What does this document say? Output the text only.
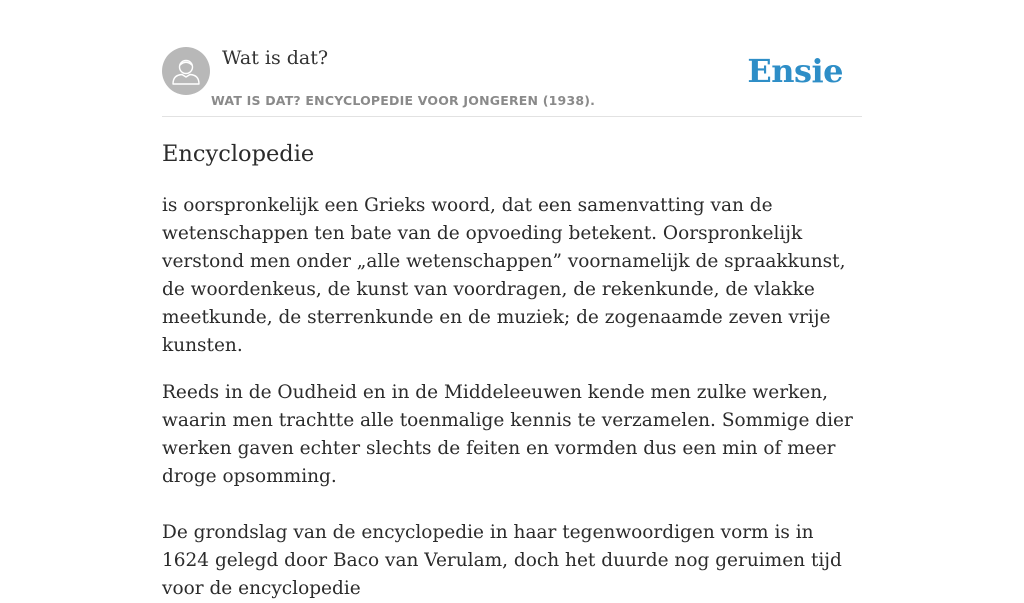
Wat is dat?
WAT IS DAT? ENCYCLOPEDIE VOOR JONGEREN (1938).
Ensie
Encyclopedie

is oorspronkelijk een Grieks woord, dat een samenvatting van de wetenschappen ten bate van de opvoeding betekent. Oorspronkelijk verstond men onder „alle wetenschappen” voornamelijk de spraakkunst, de woordenkeus, de kunst van voordragen, de rekenkunde, de vlakke meetkunde, de sterrenkunde en de muziek; de zogenaamde zeven vrije kunsten.

Reeds in de Oudheid en in de Middeleeuwen kende men zulke werken, waarin men trachtte alle toenmalige kennis te verzamelen. Sommige dier werken gaven echter slechts de feiten en vormden dus een min of meer droge opsomming.

De grondslag van de encyclopedie in haar tegenwoordigen vorm is in 1624 gelegd door Baco van Verulam, doch het duurde nog geruimen tijd voor de encyclopedie
